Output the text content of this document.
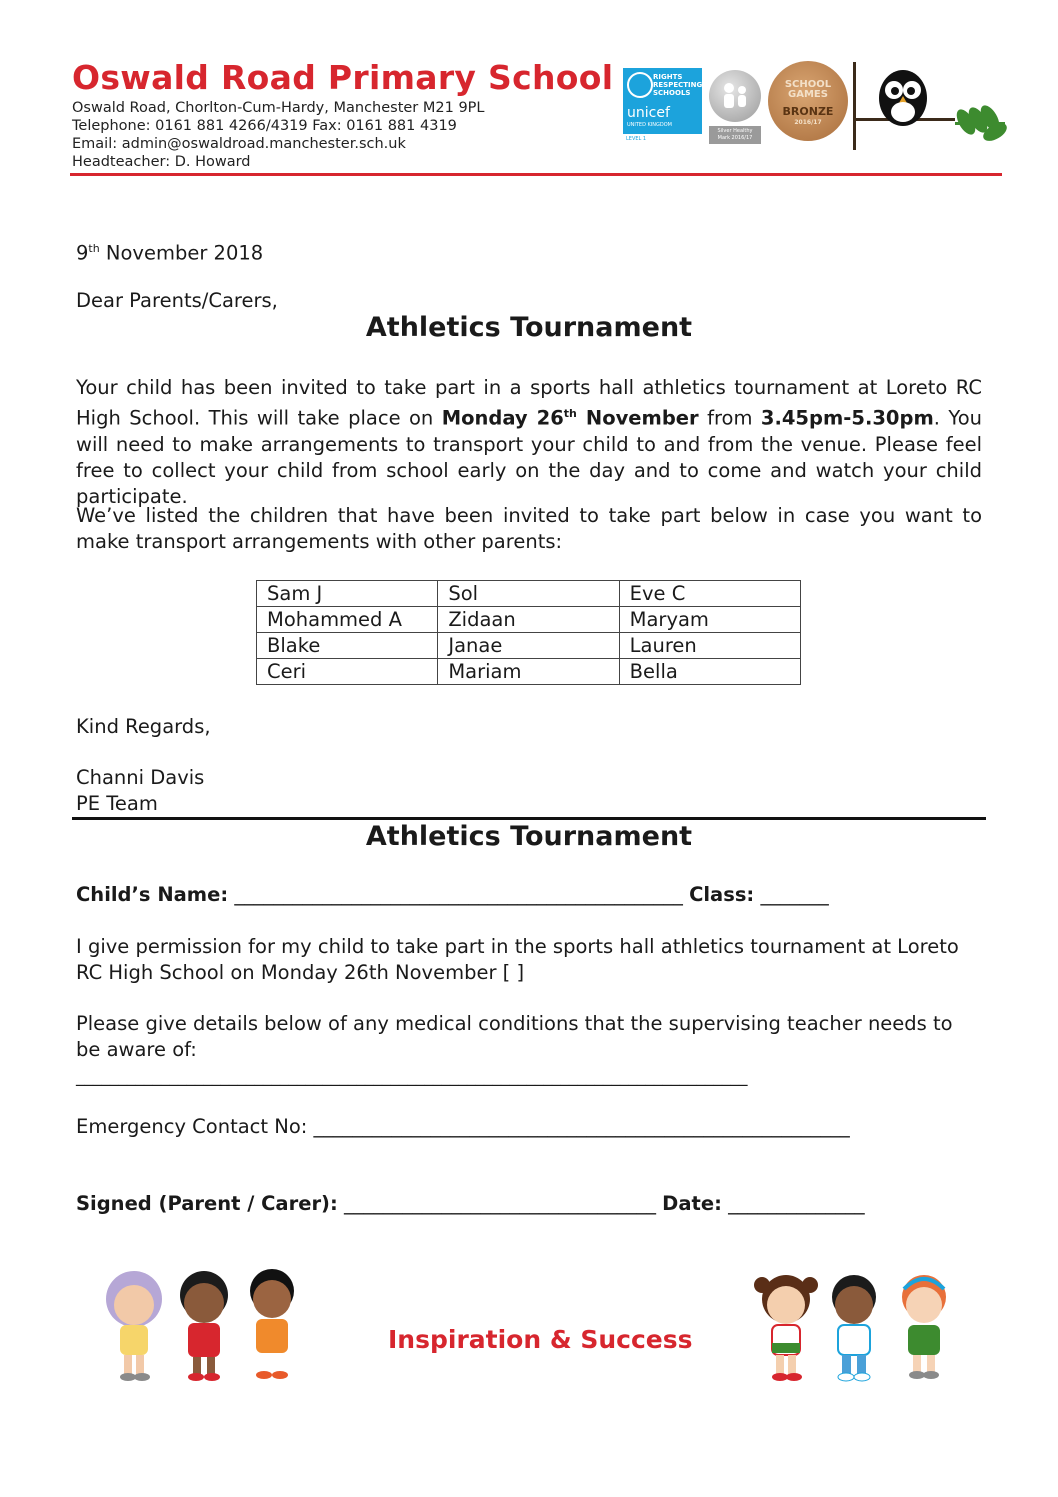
Oswald Road Primary School
Oswald Road, Chorlton-Cum-Hardy, Manchester M21 9PL
Telephone: 0161 881 4266/4319 Fax: 0161 881 4319
Email: admin@oswaldroad.manchester.sch.uk
Headteacher: D. Howard
RIGHTS
RESPECTING
SCHOOLS
unicef
UNITED KINGDOM
LEVEL 1
Silver Healthy
Mark 2016/17
SCHOOL
GAMES
BRONZE
2016/17
9th November 2018
Dear Parents/Carers,
Athletics Tournament
Your child has been invited to take part in a sports hall athletics tournament at Loreto RC High School. This will take place on Monday 26th November from 3.45pm-5.30pm. You will need to make arrangements to transport your child to and from the venue. Please feel free to collect your child from school early on the day and to come and watch your child participate.
We’ve listed the children that have been invited to take part below in case you want to make transport arrangements with other parents:
Sam J	Sol	Eve C
Mohammed A	Zidaan	Maryam
Blake	Janae	Lauren
Ceri	Mariam	Bella
Kind Regards,
Channi Davis
PE Team
Athletics Tournament
Child’s Name: ______________________________________________ Class: _______
I give permission for my child to take part in the sports hall athletics tournament at Loreto RC High School on Monday 26th November [ ]
Please give details below of any medical conditions that the supervising teacher needs to be aware of:
_______________________________________________________________________________
Emergency Contact No: _______________________________________________________
Signed (Parent / Carer): ________________________________ Date: ______________
Inspiration & Success
